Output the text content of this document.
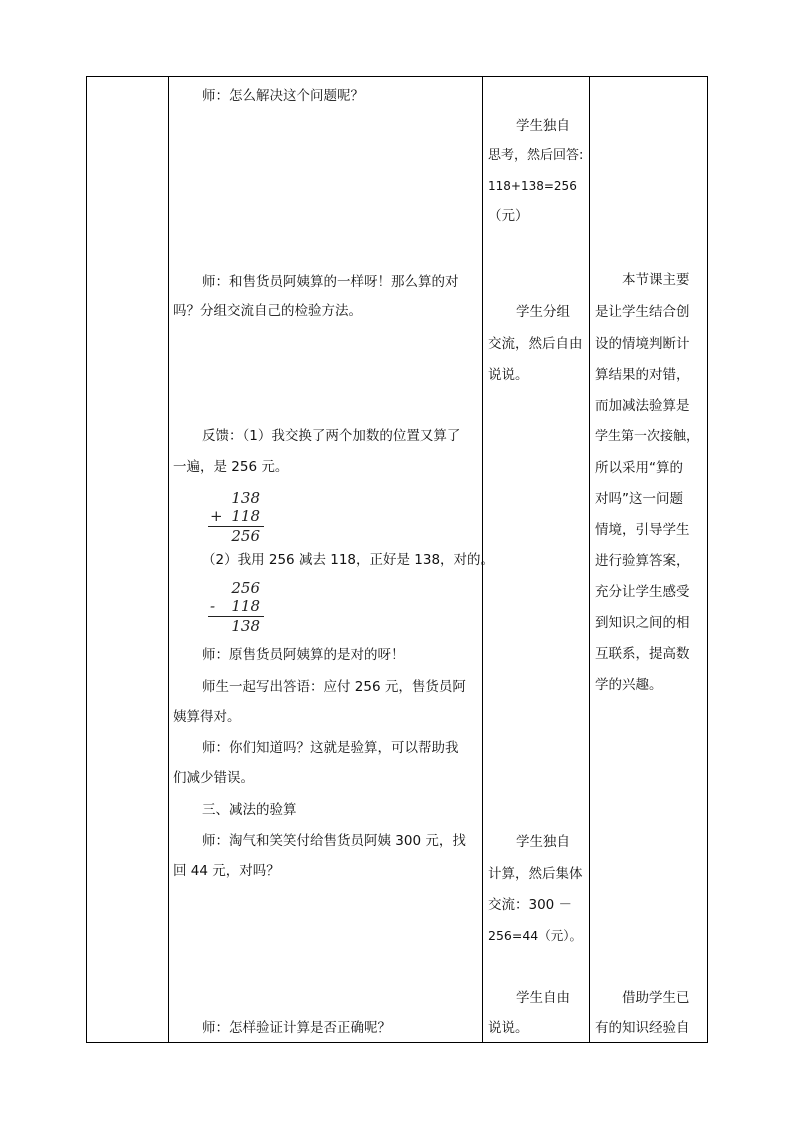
师：怎么解决这个问题呢？
师：和售货员阿姨算的一样呀！那么算的对
吗？分组交流自己的检验方法。
反馈：（1）我交换了两个加数的位置又算了
一遍，是 256 元。
138
+ 118
256
（2）我用 256 减去 118，正好是 138，对的。
256
-	118
138
师：原售货员阿姨算的是对的呀！
师生一起写出答语：应付 256 元，售货员阿
姨算得对。
师：你们知道吗？这就是验算，可以帮助我
们减少错误。
三、减法的验算
师：淘气和笑笑付给售货员阿姨 300 元，找
回 44 元，对吗？
师：怎样验证计算是否正确呢？
学生独自
思考，然后回答:
118+138=256
（元）
学生分组
交流，然后自由
说说。
学生独自
计算，然后集体
交流：300 －
256=44（元）。
学生自由
说说。
本节课主要
是让学生结合创
设的情境判断计
算结果的对错，
而加减法验算是
学生第一次接触，
所以采用“算的
对吗”这一问题
情境，引导学生
进行验算答案，
充分让学生感受
到知识之间的相
互联系，提高数
学的兴趣。
借助学生已
有的知识经验自
